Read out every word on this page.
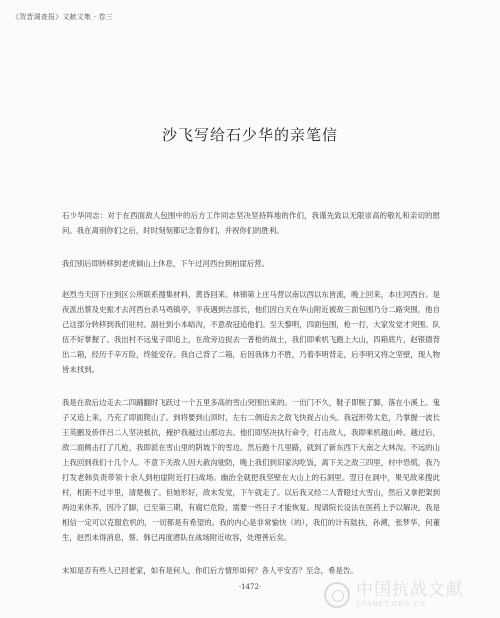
《贺晋调查报》文献文集 · 卷三
沙飞写给石少华的亲笔信

石少华同志：对于在西面敌人包围中的后方工作同志坚决坚持阵地的作们，我谨先致以无限崇高的敬礼和亲切的慰问。我在离别你们之后，时时刻刻都记念着你们，并祝你们的胜利。

我们别后即转移到老虎倾山上休息，下午过河西台到柏崖后营。

赵烈当天回下庄到区公所联系搜集材料，黄昏回来。林锦第上庄马营以南以西以东皆流，晚上回来，本庄河西台。是夜派出蔡及史振才去河西台杀马鸡镇亭，半夜遇到吉部长，他们因白天在华山附近被敌三面包围乃分二路突围，他自己这部分转移到我们驻村。副社到小本峪沟，不意敌冠追他们。至天黎明，四面包围，枪一打，大家发觉才突围。队伍不好掌握了。我出村不远鬼子即追上，在敌旁边捉去一普枪的战士，我们即乘机飞跑上大山，四箱底片，赵银德背出二箱，经历千辛万险，终能安存。我自己背了二箱，后因我体力不胜，乃着李明背走，后李明又将之坚壁，现人物皆未找到。

我是在敌后边走去二四踊翻时飞跃过一个五里多高的雪山突围出来的。一出门不久，鞋子即脱了脚，落在小溪上。鬼子又追上来，乃充了即面爬山了。到将要到山顶时，左右二侧追去之敌飞快捉占山头。我冠形势太危，乃掌握一波长王英鹏及侨伴吕二人坚决抵抗，掩护我越过山那边去。他们即坚决执行命令，打击敌人，我即乘机越山岭。越过后，敌二面侧击打了几枪，我即派在雪山里的阴坡下的雪边。然后跑十几里路，就到了新东西下大南之大林沟。不远的山上我回到我们十几个人。不意下关敌人因大赦沟驶防，晚上我们到旧家沟吃饭，离下关之敌三四里，村中恐慌，我乃打发老韩负责带领十余人到柏崖附近打扫战场。幽治全就把我坚壁在大山上的石洞里。翌日在洞中，果见敌来搜此村，相距不过半里，清楚极了。但她形好，敌未发觉，下午就走了。以后我又经二人背瞪过大雪山，然后又拿把架到两边来休养，因冷了脚，已至第三期，有腐烂危险，需要一些日子才能恢复。现请院长设法在医药上予以解决，我是相信一定可以克服危机的，一切都是有希望的。我的内心是非常愉快（的），我们的计有陆扶，孙溯，张梦华，何董生，赵烈未得消息，蔡、韩已再度潜队在战场附近收容，处理善后矣。

未知是否有些人已回老家，如有是何人，你们后方情形如何？各人平安否？至念，希是告。

·1472·	中国抗战文献
CPANET.ORG.CN
